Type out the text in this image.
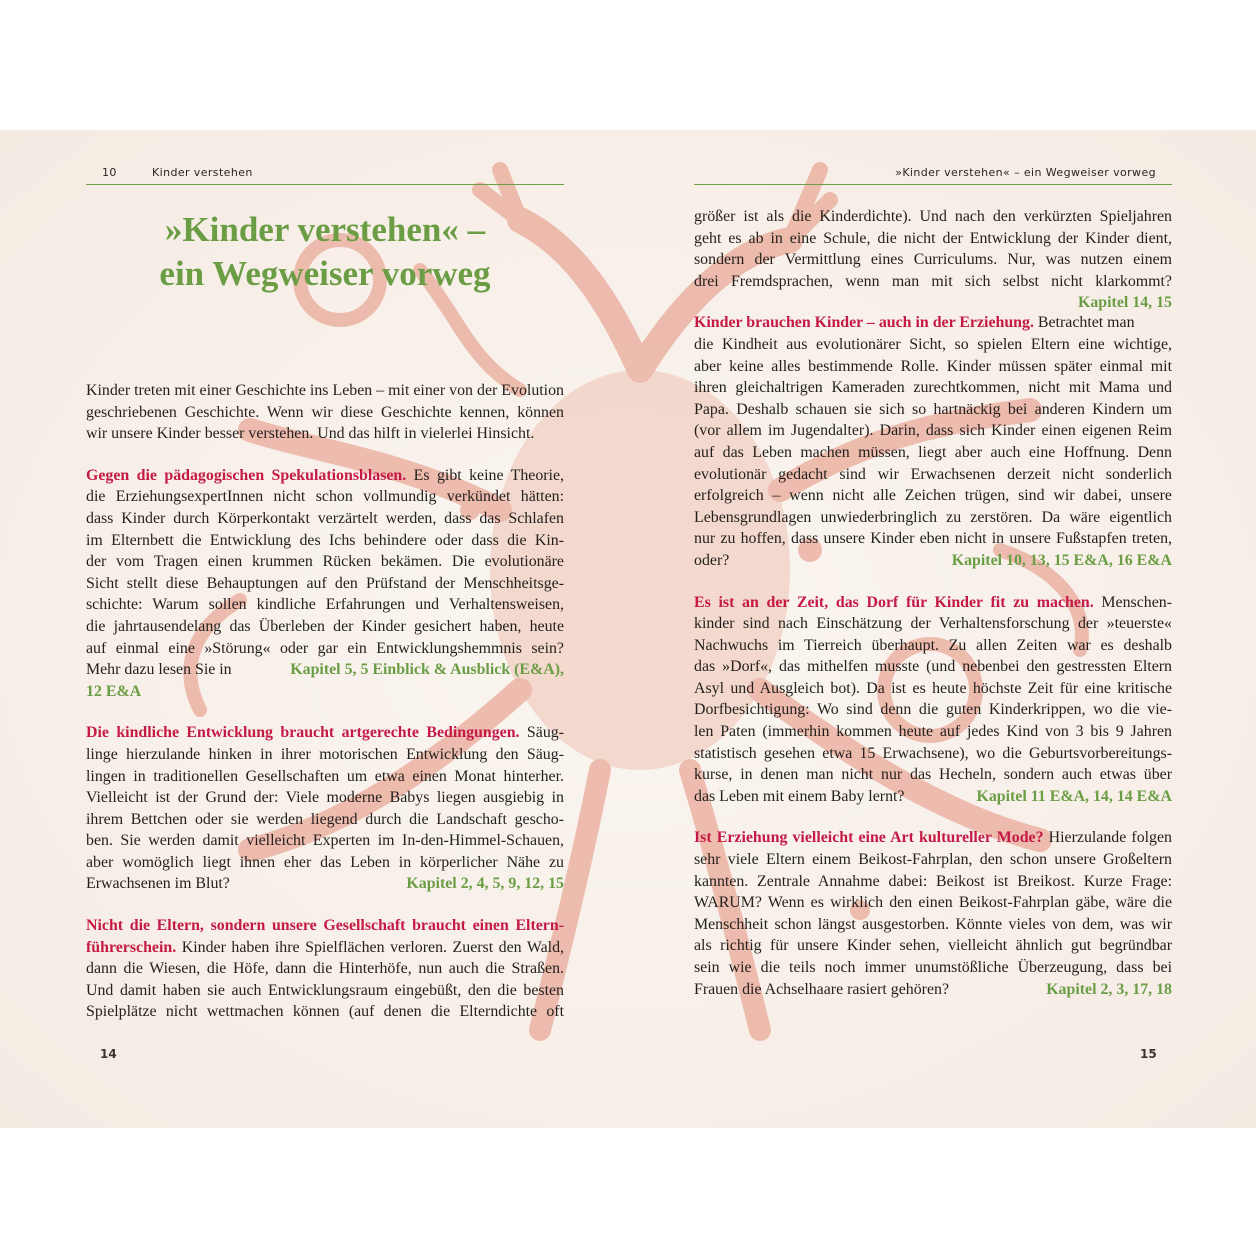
10	Kinder verstehen
»Kinder verstehen« –
ein Wegweiser vorweg
Kinder treten mit einer Geschichte ins Leben – mit einer von der Evolution
geschriebenen Geschichte. Wenn wir diese Geschichte kennen, können
wir unsere Kinder besser verstehen. Und das hilft in vielerlei Hinsicht.
Gegen die pädagogischen Spekulationsblasen. Es gibt keine Theorie,
die ErziehungsexpertInnen nicht schon vollmundig verkündet hätten:
dass Kinder durch Körperkontakt verzärtelt werden, dass das Schlafen
im Elternbett die Entwicklung des Ichs behindere oder dass die Kin-
der vom Tragen einen krummen Rücken bekämen. Die evolutionäre
Sicht stellt diese Behauptungen auf den Prüfstand der Menschheitsge-
schichte: Warum sollen kindliche Erfahrungen und Verhaltensweisen,
die jahrtausendelang das Überleben der Kinder gesichert haben, heute
auf einmal eine »Störung« oder gar ein Entwicklungshemmnis sein?
Mehr dazu lesen Sie in	Kapitel 5, 5 Einblick & Ausblick (E&A),
12 E&A
Die kindliche Entwicklung braucht artgerechte Bedingungen. Säug-
linge hierzulande hinken in ihrer motorischen Entwicklung den Säug-
lingen in traditionellen Gesellschaften um etwa einen Monat hinterher.
Vielleicht ist der Grund der: Viele moderne Babys liegen ausgiebig in
ihrem Bettchen oder sie werden liegend durch die Landschaft gescho-
ben. Sie werden damit vielleicht Experten im In-den-Himmel-Schauen,
aber womöglich liegt ihnen eher das Leben in körperlicher Nähe zu
Erwachsenen im Blut?	Kapitel 2, 4, 5, 9, 12, 15
Nicht die Eltern, sondern unsere Gesellschaft braucht einen Eltern-
führerschein. Kinder haben ihre Spielflächen verloren. Zuerst den Wald,
dann die Wiesen, die Höfe, dann die Hinterhöfe, nun auch die Straßen.
Und damit haben sie auch Entwicklungsraum eingebüßt, den die besten
Spielplätze nicht wettmachen können (auf denen die Elterndichte oft
14
»Kinder verstehen« – ein Wegweiser vorweg
größer ist als die Kinderdichte). Und nach den verkürzten Spieljahren
geht es ab in eine Schule, die nicht der Entwicklung der Kinder dient,
sondern der Vermittlung eines Curriculums. Nur, was nutzen einem
drei Fremdsprachen, wenn man mit sich selbst nicht klarkommt?
Kapitel 14, 15
Kinder brauchen Kinder – auch in der Erziehung. Betrachtet man
die Kindheit aus evolutionärer Sicht, so spielen Eltern eine wichtige,
aber keine alles bestimmende Rolle. Kinder müssen später einmal mit
ihren gleichaltrigen Kameraden zurechtkommen, nicht mit Mama und
Papa. Deshalb schauen sie sich so hartnäckig bei anderen Kindern um
(vor allem im Jugendalter). Darin, dass sich Kinder einen eigenen Reim
auf das Leben machen müssen, liegt aber auch eine Hoffnung. Denn
evolutionär gedacht sind wir Erwachsenen derzeit nicht sonderlich
erfolgreich – wenn nicht alle Zeichen trügen, sind wir dabei, unsere
Lebensgrundlagen unwiederbringlich zu zerstören. Da wäre eigentlich
nur zu hoffen, dass unsere Kinder eben nicht in unsere Fußstapfen treten,
oder?	Kapitel 10, 13, 15 E&A, 16 E&A
Es ist an der Zeit, das Dorf für Kinder fit zu machen. Menschen-
kinder sind nach Einschätzung der Verhaltensforschung der »teuerste«
Nachwuchs im Tierreich überhaupt. Zu allen Zeiten war es deshalb
das »Dorf«, das mithelfen musste (und nebenbei den gestressten Eltern
Asyl und Ausgleich bot). Da ist es heute höchste Zeit für eine kritische
Dorfbesichtigung: Wo sind denn die guten Kinderkrippen, wo die vie-
len Paten (immerhin kommen heute auf jedes Kind von 3 bis 9 Jahren
statistisch gesehen etwa 15 Erwachsene), wo die Geburtsvorbereitungs-
kurse, in denen man nicht nur das Hecheln, sondern auch etwas über
das Leben mit einem Baby lernt?	Kapitel 11 E&A, 14, 14 E&A
Ist Erziehung vielleicht eine Art kultureller Mode? Hierzulande folgen
sehr viele Eltern einem Beikost-Fahrplan, den schon unsere Großeltern
kannten. Zentrale Annahme dabei: Beikost ist Breikost. Kurze Frage:
WARUM? Wenn es wirklich den einen Beikost-Fahrplan gäbe, wäre die
Menschheit schon längst ausgestorben. Könnte vieles von dem, was wir
als richtig für unsere Kinder sehen, vielleicht ähnlich gut begründbar
sein wie die teils noch immer unumstößliche Überzeugung, dass bei
Frauen die Achselhaare rasiert gehören?	Kapitel 2, 3, 17, 18
15
